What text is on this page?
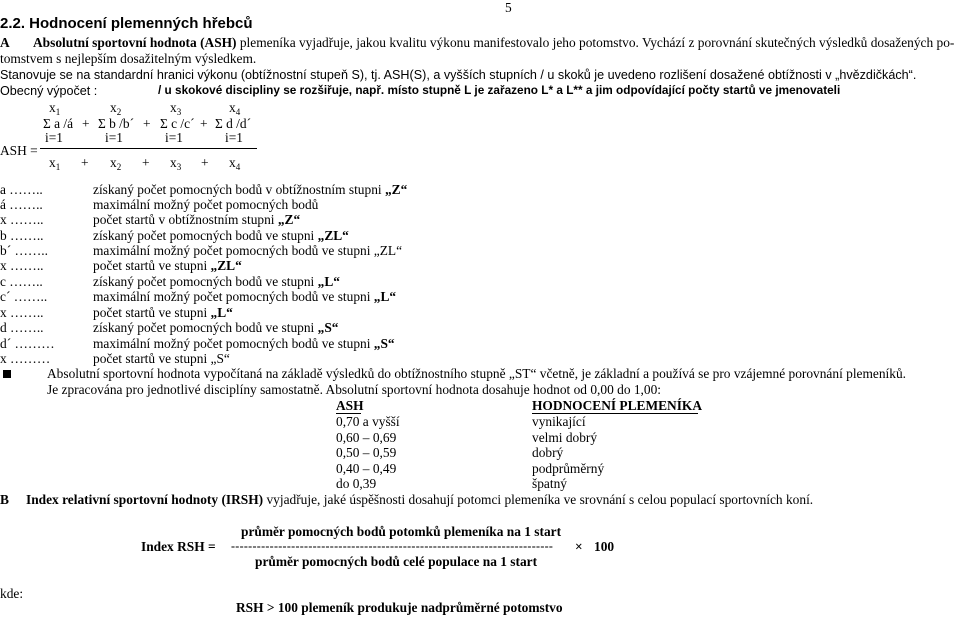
5
2.2. Hodnocení plemenných hřebců
A Absolutní sportovní hodnota (ASH) plemeníka vyjadřuje, jakou kvalitu výkonu manifestovalo jeho potomstvo. Vychází z porovnání skutečných výsledků dosažených po-
tomstvem s nejlepším dosažitelným výsledkem.
Stanovuje se na standardní hranici výkonu (obtížnostní stupeň S), tj. ASH(S), a vyšších stupních / u skoků je uvedeno rozlišení dosažené obtížnosti v „hvězdičkách“.
Obecný výpočet :	/ u skokové discipliny se rozšiřuje, např. místo stupně L je zařazeno L* a L** a jim odpovídající počty startů ve jmenovateli
$x_1$	$x_2$	$x_3$	$x_4$
Σ a /á + Σ b /b´ + Σ c /c´ + Σ d /d´
i=1	i=1	i=1	i=1
ASH =
$x_1 + x_2 + x_3 + x_4$
a ……..	získaný počet pomocných bodů v obtížnostním stupni „Z“
á ……..	maximální možný počet pomocných bodů
x ……..	počet startů v obtížnostním stupni „Z“
b ……..	získaný počet pomocných bodů ve stupni „ZL“
b´ ……..	maximální možný počet pomocných bodů ve stupni „ZL“
x ……..	počet startů ve stupni „ZL“
c ……..	získaný počet pomocných bodů ve stupni „L“
c´ ……..	maximální možný počet pomocných bodů ve stupni „L“
x ……..	počet startů ve stupni „L“
d ……..	získaný počet pomocných bodů ve stupni „S“
d´ ………	maximální možný počet pomocných bodů ve stupni „S“
x ………	počet startů ve stupni „S“
Absolutní sportovní hodnota vypočítaná na základě výsledků do obtížnostního stupně „ST“ včetně, je základní a používá se pro vzájemné porovnání plemeníků.
Je zpracována pro jednotlivé disciplíny samostatně. Absolutní sportovní hodnota dosahuje hodnot od 0,00 do 1,00:
ASH	HODNOCENÍ PLEMENÍKA
0,70 a vyšší	vynikající
0,60 – 0,69	velmi dobrý
0,50 – 0,59	dobrý
0,40 – 0,49	podprůměrný
do 0,39	špatný
B Index relativní sportovní hodnoty (IRSH) vyjadřuje, jaké úspěšnosti dosahují potomci plemeníka ve srovnání s celou populací sportovních koní.
průměr pomocných bodů potomků plemeníka na 1 start
Index RSH = --------------------------------------------------------------------------- × 100
průměr pomocných bodů celé populace na 1 start
kde:
RSH > 100 plemeník produkuje nadprůměrné potomstvo
